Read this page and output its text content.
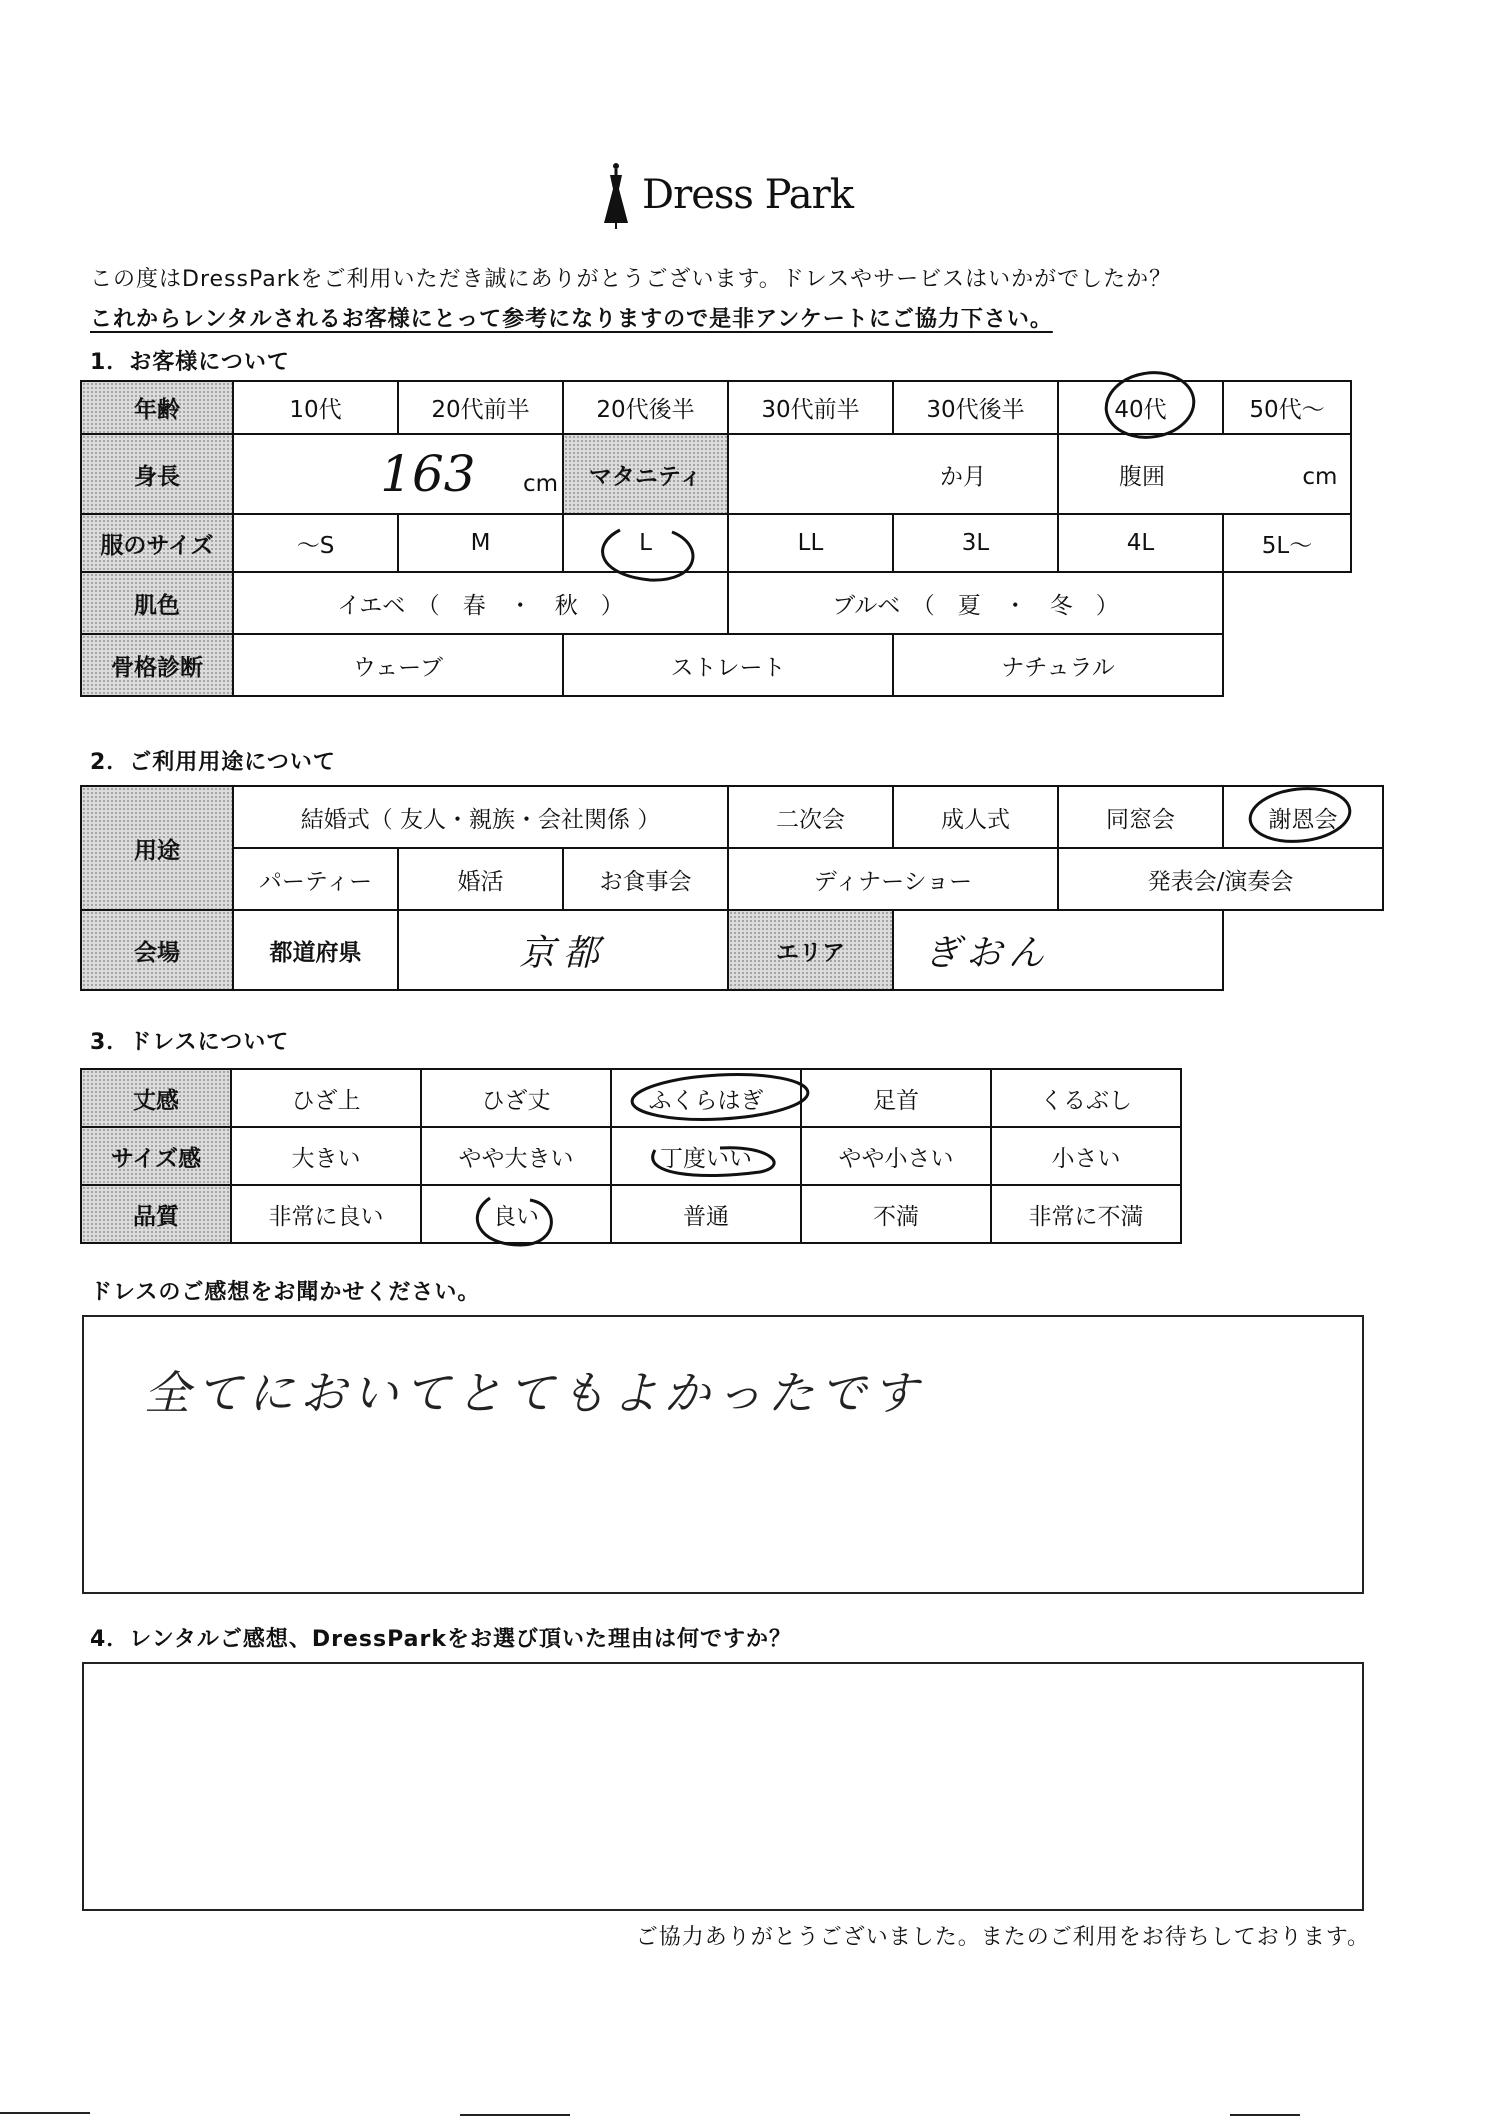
Dress Park
この度はDressParkをご利用いただき誠にありがとうございます。ドレスやサービスはいかがでしたか？
これからレンタルされるお客様にとって参考になりますので是非アンケートにご協力下さい。
1．お客様について
年齢	10代	20代前半	20代後半	30代前半	30代後半	40代	50代～
身長	163 cm		マタニティ	か月		腹囲 cm	
服のサイズ	～S	M	L	LL	3L	4L	5L～
肌色	イエベ　（　春　・　秋　）			ブルベ　（　夏　・　冬　）			
骨格診断	ウェーブ		ストレート		ナチュラル		
2．ご利用用途について
用途	結婚式（ 友人・親族・会社関係 ）			二次会	成人式	同窓会	謝恩会
	パーティー	婚活	お食事会	ディナーショー		発表会/演奏会	
会場	都道府県	京都		エリア	ぎおん		
3．ドレスについて
丈感	ひざ上	ひざ丈	ふくらはぎ	足首	くるぶし
サイズ感	大きい	やや大きい	丁度いい	やや小さい	小さい
品質	非常に良い	良い	普通	不満	非常に不満
ドレスのご感想をお聞かせください。
全てにおいてとてもよかったです
4．レンタルご感想、DressParkをお選び頂いた理由は何ですか？
ご協力ありがとうございました。またのご利用をお待ちしております。
